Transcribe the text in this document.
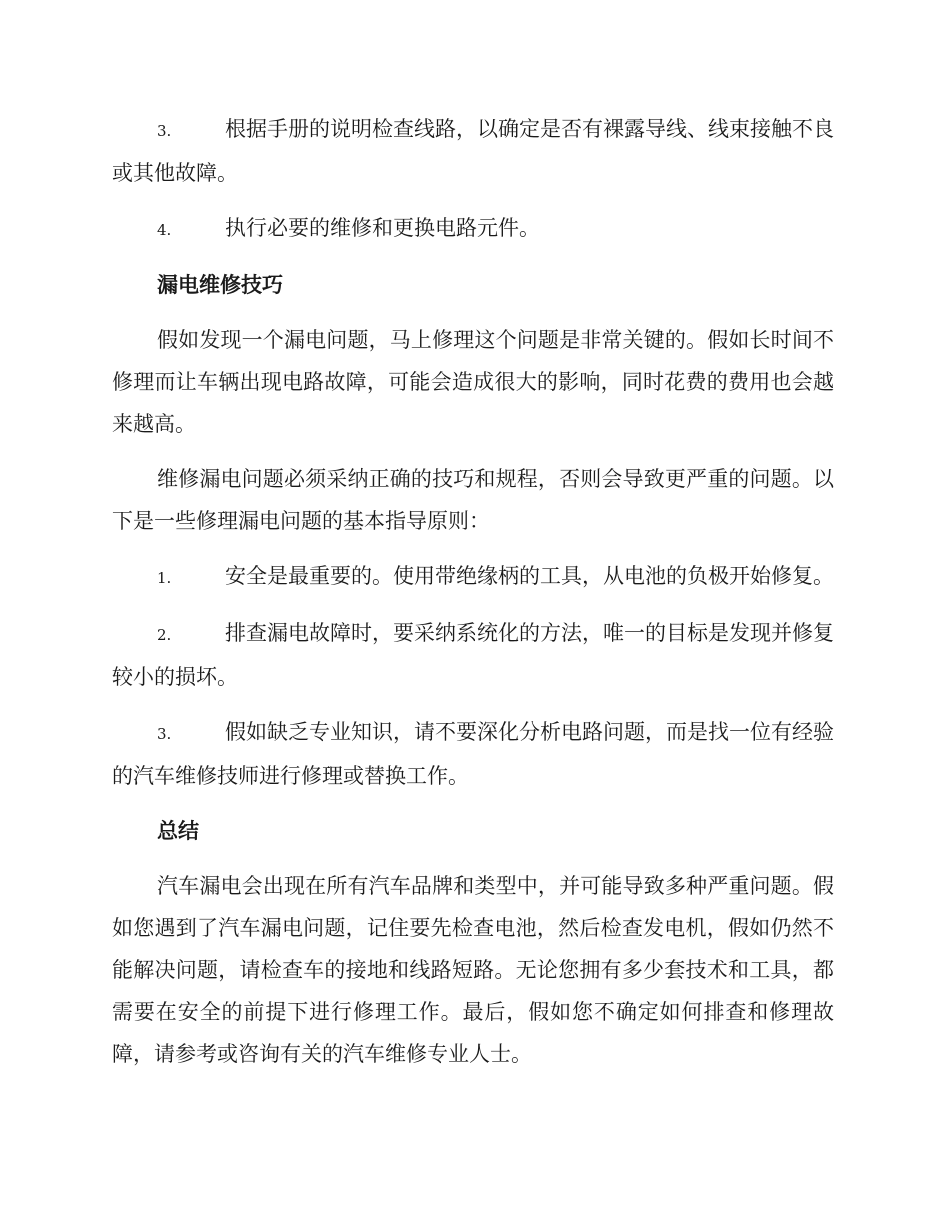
3.	根据手册的说明检查线路，以确定是否有裸露导线、线束接触不良或其他故障。
4.	执行必要的维修和更换电路元件。
漏电维修技巧
假如发现一个漏电问题，马上修理这个问题是非常关键的。假如长时间不修理而让车辆出现电路故障，可能会造成很大的影响，同时花费的费用也会越来越高。
维修漏电问题必须采纳正确的技巧和规程，否则会导致更严重的问题。以下是一些修理漏电问题的基本指导原则：
1.	安全是最重要的。使用带绝缘柄的工具，从电池的负极开始修复。
2.	排查漏电故障时，要采纳系统化的方法，唯一的目标是发现并修复较小的损坏。
3.	假如缺乏专业知识，请不要深化分析电路问题，而是找一位有经验的汽车维修技师进行修理或替换工作。
总结
汽车漏电会出现在所有汽车品牌和类型中，并可能导致多种严重问题。假如您遇到了汽车漏电问题，记住要先检查电池，然后检查发电机，假如仍然不能解决问题，请检查车的接地和线路短路。无论您拥有多少套技术和工具，都需要在安全的前提下进行修理工作。最后，假如您不确定如何排查和修理故障，请参考或咨询有关的汽车维修专业人士。
